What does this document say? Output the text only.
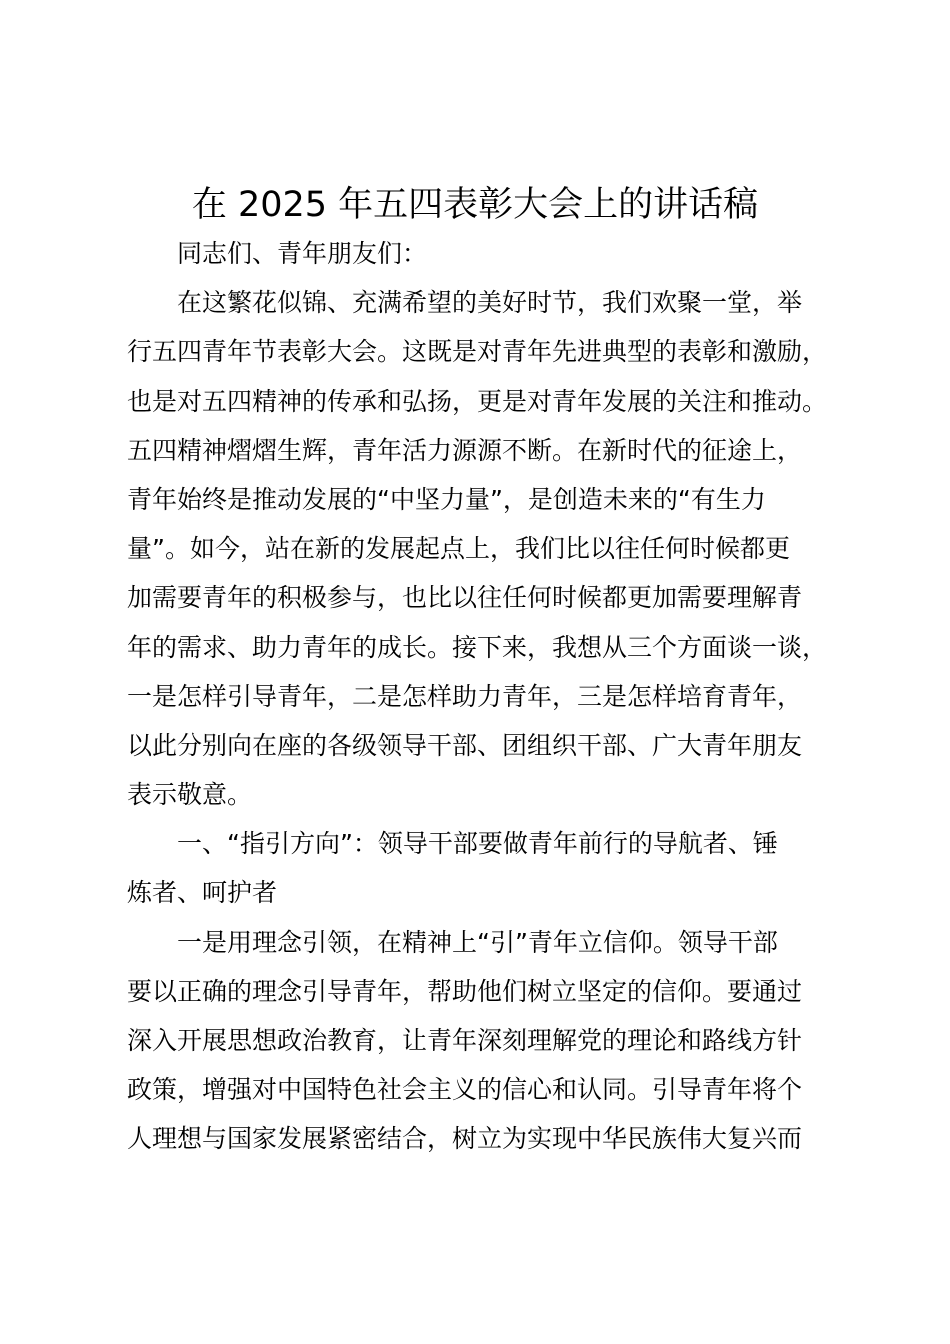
在 2025 年五四表彰大会上的讲话稿
同志们、青年朋友们：
在这繁花似锦、充满希望的美好时节，我们欢聚一堂，举
行五四青年节表彰大会。这既是对青年先进典型的表彰和激励，
也是对五四精神的传承和弘扬，更是对青年发展的关注和推动。
五四精神熠熠生辉，青年活力源源不断。在新时代的征途上，
青年始终是推动发展的“中坚力量”，是创造未来的“有生力
量”。如今，站在新的发展起点上，我们比以往任何时候都更
加需要青年的积极参与，也比以往任何时候都更加需要理解青
年的需求、助力青年的成长。接下来，我想从三个方面谈一谈，
一是怎样引导青年，二是怎样助力青年，三是怎样培育青年，
以此分别向在座的各级领导干部、团组织干部、广大青年朋友
表示敬意。
一、“指引方向”：领导干部要做青年前行的导航者、锤
炼者、呵护者
一是用理念引领，在精神上“引”青年立信仰。领导干部
要以正确的理念引导青年，帮助他们树立坚定的信仰。要通过
深入开展思想政治教育，让青年深刻理解党的理论和路线方针
政策，增强对中国特色社会主义的信心和认同。引导青年将个
人理想与国家发展紧密结合，树立为实现中华民族伟大复兴而
